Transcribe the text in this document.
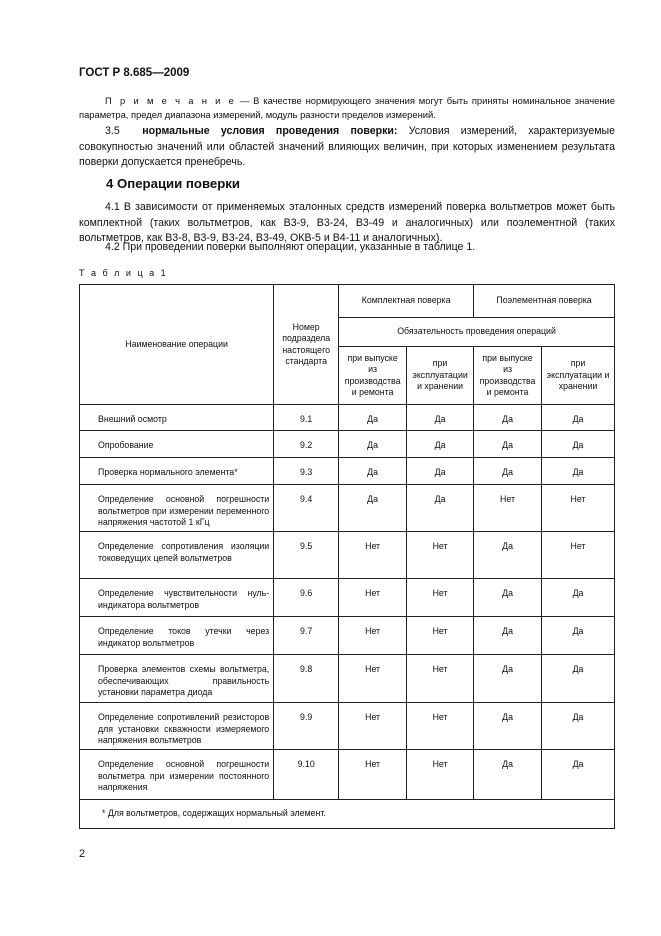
ГОСТ Р 8.685—2009
П р и м е ч а н и е — В качестве нормирующего значения могут быть приняты номинальное значение параметра, предел диапазона измерений, модуль разности пределов измерений.
3.5 нормальные условия проведения поверки: Условия измерений, характеризуемые совокупностью значений или областей значений влияющих величин, при которых изменением результата поверки допускается пренебречь.
4 Операции поверки
4.1 В зависимости от применяемых эталонных средств измерений поверка вольтметров может быть комплектной (таких вольтметров, как В3-9, В3-24, В3-49 и аналогичных) или поэлементной (таких вольтметров, как В3-8, В3-9, В3-24, В3-49, ОКВ-5 и В4-11 и аналогичных).
4.2 При проведении поверки выполняют операции, указанные в таблице 1.
Т а б л и ц а 1
Наименование операции	Номер подраздела настоящего стандарта	Комплектная поверка		Поэлементная поверка	
		Обязательность проведения операций			
		при выпуске из производства и ремонта	при эксплуатации и хранении	при выпуске из производства и ремонта	при эксплуатации и хранении

Внешний осмотр	9.1	Да	Да	Да	Да

Опробование	9.2	Да	Да	Да	Да

Проверка нормального элемента*	9.3	Да	Да	Да	Да

Определение основной погрешности вольтметров при измерении переменного напряжения частотой 1 кГц	9.4	Да	Да	Нет	Нет

Определение сопротивления изоляции токоведущих цепей вольтметров	9.5	Нет	Нет	Да	Нет

Определение чувствительности нуль-индикатора вольтметров	9.6	Нет	Нет	Да	Да

Определение токов утечки через индикатор вольтметров	9.7	Нет	Нет	Да	Да

Проверка элементов схемы вольтметра, обеспечивающих правильность установки параметра диода	9.8	Нет	Нет	Да	Да

Определение сопротивлений резисторов для установки скважности измеряемого напряжения вольтметров	9.9	Нет	Нет	Да	Да

Определение основной погрешности вольтметра при измерении постоянного напряжения	9.10	Нет	Нет	Да	Да
* Для вольтметров, содержащих нормальный элемент.					
2
